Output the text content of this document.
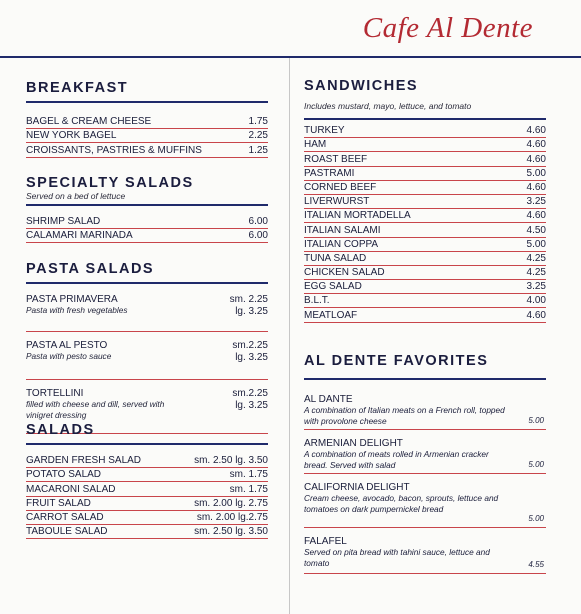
Cafe Al Dente
BREAKFAST
BAGEL & CREAM CHEESE	1.75
NEW YORK BAGEL	2.25
CROISSANTS, PASTRIES & MUFFINS	1.25
SPECIALTY SALADS
Served on a bed of lettuce
SHRIMP SALAD	6.00
CALAMARI MARINADA	6.00
PASTA SALADS
PASTA PRIMAVERA
Pasta with fresh vegetables
sm. 2.25
lg. 3.25
PASTA AL PESTO
Pasta with pesto sauce
sm.2.25
lg. 3.25
TORTELLINI
filled with cheese and dill, served with vinigret dressing
sm.2.25
lg. 3.25
SALADS
GARDEN FRESH SALAD	sm. 2.50 lg. 3.50
POTATO SALAD	sm. 1.75
MACARONI SALAD	sm. 1.75
FRUIT SALAD	sm. 2.00 lg. 2.75
CARROT SALAD	sm. 2.00 lg.2.75
TABOULE SALAD	sm. 2.50 lg. 3.50
SANDWICHES
Includes mustard, mayo, lettuce, and tomato
TURKEY	4.60
HAM	4.60
ROAST BEEF	4.60
PASTRAMI	5.00
CORNED BEEF	4.60
LIVERWURST	3.25
ITALIAN MORTADELLA	4.60
ITALIAN SALAMI	4.50
ITALIAN COPPA	5.00
TUNA SALAD	4.25
CHICKEN SALAD	4.25
EGG SALAD	3.25
B.L.T.	4.00
MEATLOAF	4.60
AL DENTE FAVORITES
AL DANTE
A combination of Italian meats on a French roll, topped with provolone cheese	5.00
ARMENIAN DELIGHT
A combination of meats rolled in Armenian cracker bread. Served with salad	5.00
CALIFORNIA DELIGHT
Cream cheese, avocado, bacon, sprouts, lettuce and tomatoes on dark pumpernickel bread
5.00
FALAFEL
Served on pita bread with tahini sauce, lettuce and tomato	4.55
